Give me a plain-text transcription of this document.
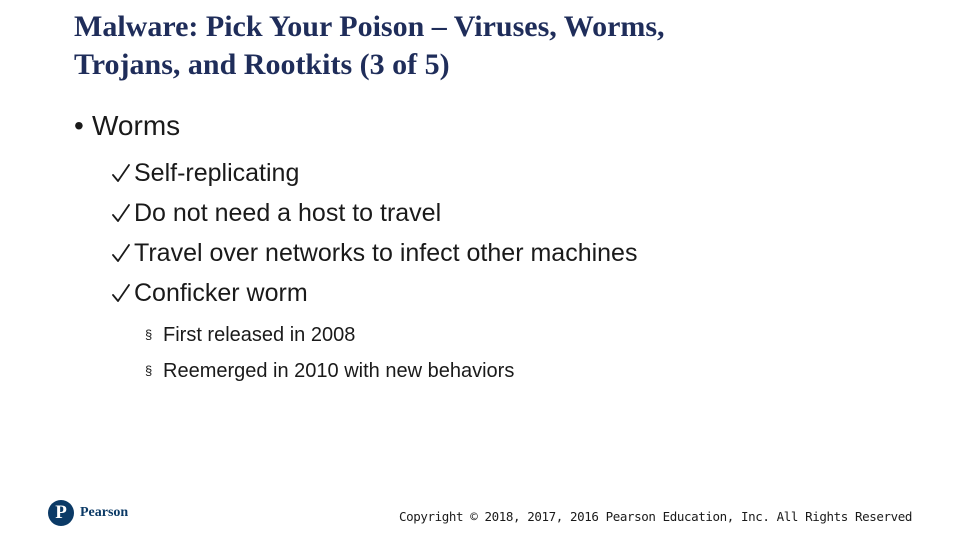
Malware: Pick Your Poison – Viruses, Worms,
Trojans, and Rootkits (3 of 5)
• Worms
Self-replicating
Do not need a host to travel
Travel over networks to infect other machines
Conficker worm
§ First released in 2008
§ Reemerged in 2010 with new behaviors
P Pearson	Copyright © 2018, 2017, 2016 Pearson Education, Inc. All Rights Reserved
